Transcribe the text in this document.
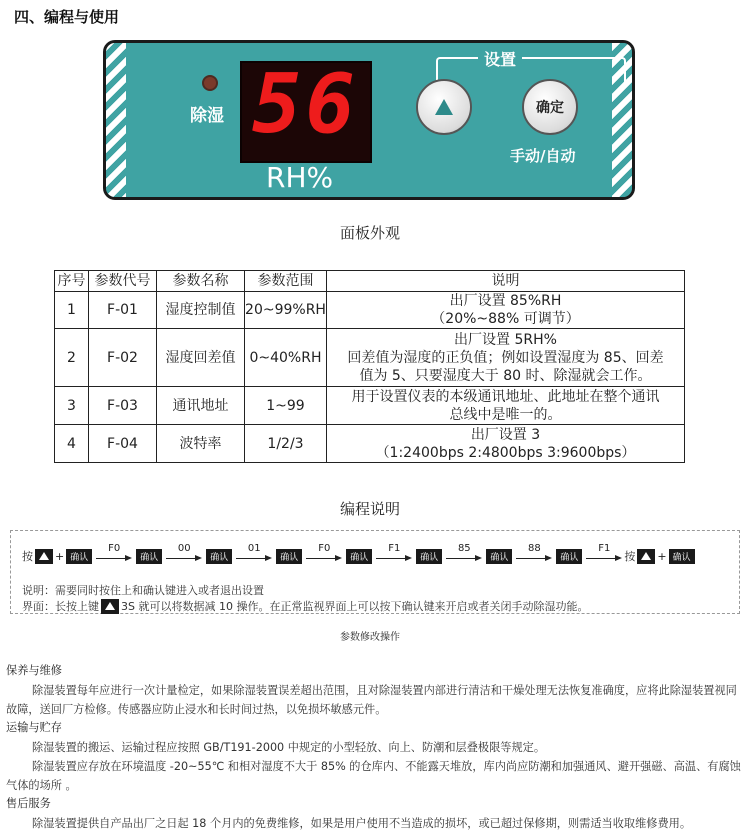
四、编程与使用
除湿 56
RH%
设置
确定
手动/自动
面板外观
序号	参数代号	参数名称	参数范围	说明
1	F-01	湿度控制值	20~99%RH	出厂设置 85%RH
（20%~88% 可调节）

2	F-02	湿度回差值	0~40%RH	出厂设置 5RH%
回差值为湿度的正负值；例如设置湿度为 85、回差
值为 5、只要湿度大于 80 时、除湿就会工作。

3	F-03	通讯地址	1~99	用于设置仪表的本级通讯地址、此地址在整个通讯
总线中是唯一的。

4	F-04	波特率	1/2/3	出厂设置 3
（1:2400bps 2:4800bps 3:9600bps）
编程说明
按 + 确认
F0
确认
00
确认
01
确认
F0
确认
F1
确认
85
确认
88
确认
F1
按 + 确认
说明：需要同时按住上和确认键进入或者退出设置
界面：长按上键 3S 就可以将数据减 10 操作。在正常监视界面上可以按下确认键来开启或者关闭手动除湿功能。
参数修改操作
保养与维修
除湿装置每年应进行一次计量检定，如果除湿装置误差超出范围，且对除湿装置内部进行清洁和干燥处理无法恢复准确度，应将此除湿装置视同故障，送回厂方检修。传感器应防止浸水和长时间过热，以免损坏敏感元件。
运输与贮存
除湿装置的搬运、运输过程应按照 GB/T191-2000 中规定的小型轻放、向上、防潮和层叠极限等规定。
除湿装置应存放在环境温度 -20~55℃ 和相对湿度不大于 85% 的仓库内、不能露天堆放，库内尚应防潮和加强通风、避开强磁、高温、有腐蚀气体的场所 。
售后服务
除湿装置提供自产品出厂之日起 18 个月内的免费维修，如果是用户使用不当造成的损坏，或已超过保修期，则需适当收取维修费用。
